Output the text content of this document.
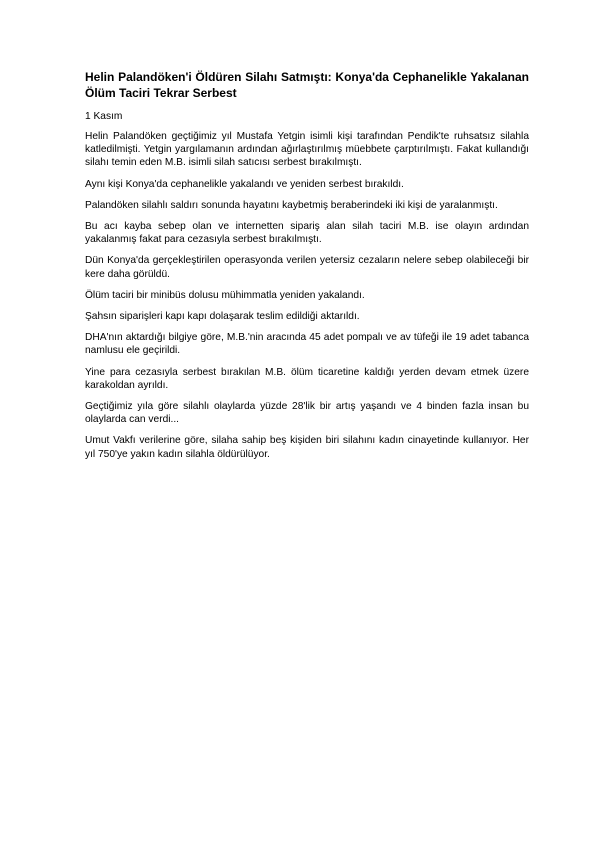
Helin Palandöken'i Öldüren Silahı Satmıştı: Konya'da Cephanelikle Yakalanan Ölüm Taciri Tekrar Serbest

1 Kasım

Helin Palandöken geçtiğimiz yıl Mustafa Yetgin isimli kişi tarafından Pendik'te ruhsatsız silahla katledilmişti. Yetgin yargılamanın ardından ağırlaştırılmış müebbete çarptırılmıştı. Fakat kullandığı silahı temin eden M.B. isimli silah satıcısı serbest bırakılmıştı.

Aynı kişi Konya'da cephanelikle yakalandı ve yeniden serbest bırakıldı.

Palandöken silahlı saldırı sonunda hayatını kaybetmiş beraberindeki iki kişi de yaralanmıştı.

Bu acı kayba sebep olan ve internetten sipariş alan silah taciri M.B. ise olayın ardından yakalanmış fakat para cezasıyla serbest bırakılmıştı.

Dün Konya'da gerçekleştirilen operasyonda verilen yetersiz cezaların nelere sebep olabileceği bir kere daha görüldü.

Ölüm taciri bir minibüs dolusu mühimmatla yeniden yakalandı.

Şahsın siparişleri kapı kapı dolaşarak teslim edildiği aktarıldı.

DHA'nın aktardığı bilgiye göre, M.B.'nin aracında 45 adet pompalı ve av tüfeği ile 19 adet tabanca namlusu ele geçirildi.

Yine para cezasıyla serbest bırakılan M.B. ölüm ticaretine kaldığı yerden devam etmek üzere karakoldan ayrıldı.

Geçtiğimiz yıla göre silahlı olaylarda yüzde 28'lik bir artış yaşandı ve 4 binden fazla insan bu olaylarda can verdi...

Umut Vakfı verilerine göre, silaha sahip beş kişiden biri silahını kadın cinayetinde kullanıyor. Her yıl 750'ye yakın kadın silahla öldürülüyor.
